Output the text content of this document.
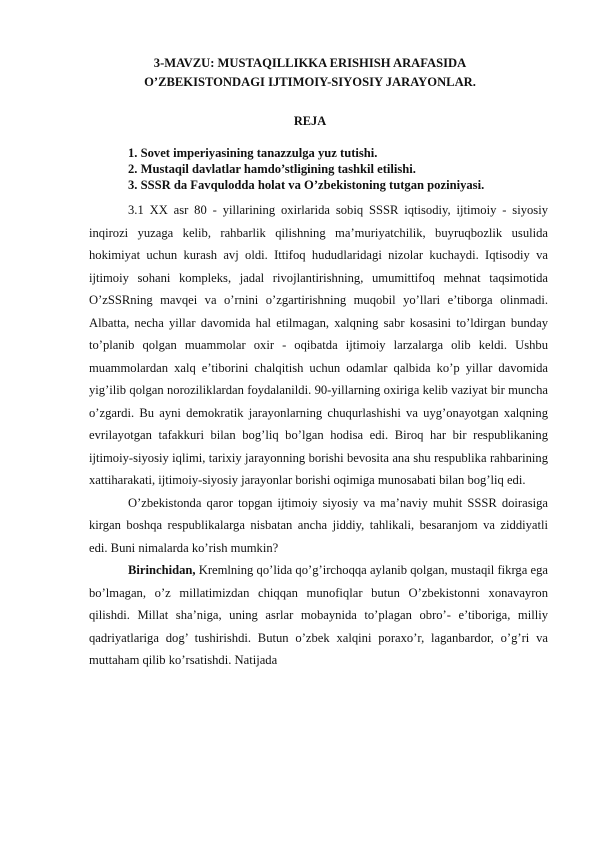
3-MAVZU: MUSTAQILLIKKA ERISHISH ARAFASIDA
O’ZBEKISTONDAGI IJTIMOIY-SIYOSIY JARAYONLAR.
REJA
1. Sovet imperiyasining tanazzulga yuz tutishi.
2. Mustaqil davlatlar hamdo’stligining tashkil etilishi.
3. SSSR da Favqulodda holat va O’zbekistoning tutgan poziniyasi.

3.1 XX asr 80 - yillarining oxirlarida sobiq SSSR iqtisodiy, ijtimoiy - siyosiy inqirozi yuzaga kelib, rahbarlik qilishning ma’muriyatchilik, buyruqbozlik usulida hokimiyat uchun kurash avj oldi. Ittifoq hududlaridagi nizolar kuchaydi. Iqtisodiy va ijtimoiy sohani kompleks, jadal rivojlantirishning, umumittifoq mehnat taqsimotida O’zSSRning mavqei va o’rnini o’zgartirishning muqobil yo’llari e’tiborga olinmadi. Albatta, necha yillar davomida hal etilmagan, xalqning sabr kosasini to’ldirgan bunday to’planib qolgan muammolar oxir - oqibatda ijtimoiy larzalarga olib keldi. Ushbu muammolardan xalq e’tiborini chalqitish uchun odamlar qalbida ko’p yillar davomida yig’ilib qolgan noroziliklardan foydalanildi. 90-yillarning oxiriga kelib vaziyat bir muncha o’zgardi. Bu ayni demokratik jarayonlarning chuqurlashishi va uyg’onayotgan xalqning evrilayotgan tafakkuri bilan bog’liq bo’lgan hodisa edi. Biroq har bir respublikaning ijtimoiy-siyosiy iqlimi, tarixiy jarayonning borishi bevosita ana shu respublika rahbarining xattiharakati, ijtimoiy-siyosiy jarayonlar borishi oqimiga munosabati bilan bog’liq edi.

O’zbekistonda qaror topgan ijtimoiy siyosiy va ma’naviy muhit SSSR doirasiga kirgan boshqa respublikalarga nisbatan ancha jiddiy, tahlikali, besaranjom va ziddiyatli edi. Buni nimalarda ko’rish mumkin?

Birinchidan, Kremlning qo’lida qo’g’irchoqqa aylanib qolgan, mustaqil fikrga ega bo’lmagan, o’z millatimizdan chiqqan munofiqlar butun O’zbekistonni xonavayron qilishdi. Millat sha’niga, uning asrlar mobaynida to’plagan obro’- e’tiboriga, milliy qadriyatlariga dog’ tushirishdi. Butun o’zbek xalqini poraxo’r, laganbardor, o’g’ri va muttaham qilib ko’rsatishdi. Natijada
